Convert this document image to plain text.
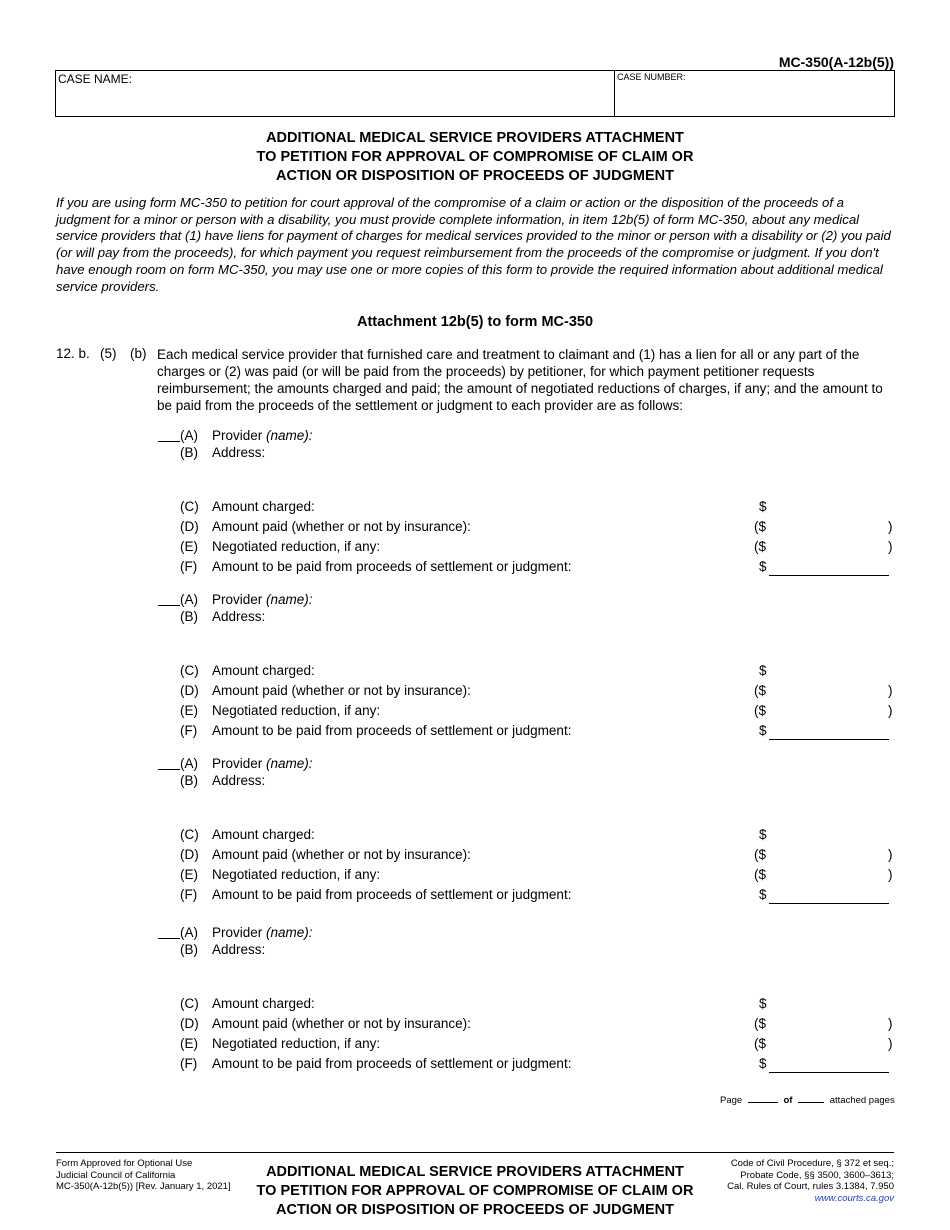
MC-350(A-12b(5))
CASE NAME:	CASE NUMBER:
ADDITIONAL MEDICAL SERVICE PROVIDERS ATTACHMENT
TO PETITION FOR APPROVAL OF COMPROMISE OF CLAIM OR
ACTION OR DISPOSITION OF PROCEEDS OF JUDGMENT
If you are using form MC-350 to petition for court approval of the compromise of a claim or action or the disposition of the proceeds of a judgment for a minor or person with a disability, you must provide complete information, in item 12b(5) of form MC-350, about any medical service providers that (1) have liens for payment of charges for medical services provided to the minor or person with a disability or (2) you paid (or will pay from the proceeds), for which payment you request reimbursement from the proceeds of the compromise or judgment. If you don't have enough room on form MC-350, you may use one or more copies of this form to provide the required information about additional medical service providers.
Attachment 12b(5) to form MC-350
12. b. (5) (b) Each medical service provider that furnished care and treatment to claimant and (1) has a lien for all or any part of the charges or (2) was paid (or will be paid from the proceeds) by petitioner, for which payment petitioner requests reimbursement; the amounts charged and paid; the amount of negotiated reductions of charges, if any; and the amount to be paid from the proceeds of the settlement or judgment to each provider are as follows:
(A) Provider (name):
(B) Address:
(C) Amount charged:	$
(D) Amount paid (whether or not by insurance):	($	)
(E) Negotiated reduction, if any:	($	)
(F) Amount to be paid from proceeds of settlement or judgment:	$
(A) Provider (name):
(B) Address:
(C) Amount charged:	$
(D) Amount paid (whether or not by insurance):	($	)
(E) Negotiated reduction, if any:	($	)
(F) Amount to be paid from proceeds of settlement or judgment:	$
(A) Provider (name):
(B) Address:
(C) Amount charged:	$
(D) Amount paid (whether or not by insurance):	($	)
(E) Negotiated reduction, if any:	($	)
(F) Amount to be paid from proceeds of settlement or judgment:	$
(A) Provider (name):
(B) Address:
(C) Amount charged:	$
(D) Amount paid (whether or not by insurance):	($	)
(E) Negotiated reduction, if any:	($	)
(F) Amount to be paid from proceeds of settlement or judgment:	$
Page	of	attached pages
Form Approved for Optional Use
Judicial Council of California
MC-350(A-12b(5)) [Rev. January 1, 2021]
ADDITIONAL MEDICAL SERVICE PROVIDERS ATTACHMENT
TO PETITION FOR APPROVAL OF COMPROMISE OF CLAIM OR
ACTION OR DISPOSITION OF PROCEEDS OF JUDGMENT
Code of Civil Procedure, § 372 et seq.;
Probate Code, §§ 3500, 3600–3613;
Cal. Rules of Court, rules 3.1384, 7.950
www.courts.ca.gov
